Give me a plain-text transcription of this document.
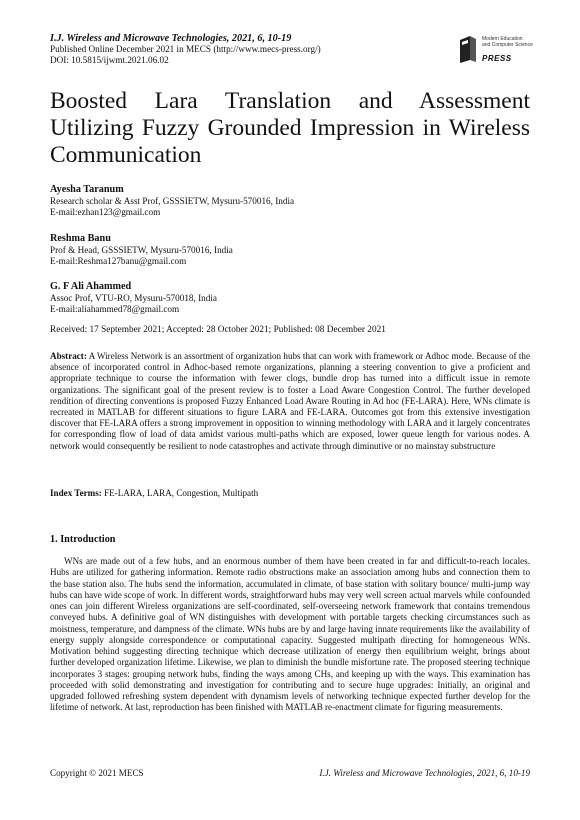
I.J. Wireless and Microwave Technologies, 2021, 6, 10-19
Published Online December 2021 in MECS (http://www.mecs-press.org/)
DOI: 10.5815/ijwmt.2021.06.02
Modern Education
and Computer Science
PRESS
Boosted Lara Translation and Assessment
Utilizing Fuzzy Grounded Impression in Wireless Communication
Ayesha Taranum
Research scholar & Asst Prof, GSSSIETW, Mysuru-570016, India
E-mail:ezhan123@gmail.com
Reshma Banu
Prof & Head, GSSSIETW, Mysuru-570016, India
E-mail:Reshma127banu@gmail.com
G. F Ali Ahammed
Assoc Prof, VTU-RO, Mysuru-570018, India
E-mail:aliahammed78@gmail.com
Received: 17 September 2021; Accepted: 28 October 2021; Published: 08 December 2021
Abstract: A Wireless Network is an assortment of organization hubs that can work with framework or Adhoc mode. Because of the absence of incorporated control in Adhoc-based remote organizations, planning a steering convention to give a proficient and appropriate technique to course the information with fewer clogs, bundle drop has turned into a difficult issue in remote organizations. The significant goal of the present review is to foster a Load Aware Congestion Control. The further developed rendition of directing conventions is proposed Fuzzy Enhanced Load Aware Routing in Ad hoc (FE-LARA). Here, WNs climate is recreated in MATLAB for different situations to figure LARA and FE-LARA. Outcomes got from this extensive investigation discover that FE-LARA offers a strong improvement in opposition to winning methodology with LARA and it largely concentrates for corresponding flow of load of data amidst various multi-paths which are exposed, lower queue length for various nodes. A network would consequently be resilient to node catastrophes and activate through diminutive or no mainstay substructure
Index Terms: FE-LARA, LARA, Congestion, Multipath
1. Introduction
WNs are made out of a few hubs, and an enormous number of them have been created in far and difficult-to-reach locales. Hubs are utilized for gathering information. Remote radio obstructions make an association among hubs and connection them to the base station also. The hubs send the information, accumulated in climate, of base station with solitary bounce/ multi-jump way hubs can have wide scope of work. In different words, straightforward hubs may very well screen actual marvels while confounded ones can join different Wireless organizations are self-coordinated, self-overseeing network framework that contains tremendous conveyed hubs. A definitive goal of WN distinguishes with development with portable targets checking circumstances such as moistness, temperature, and dampness of the climate. WNs hubs are by and large having innate requirements like the availability of energy supply alongside correspondence or computational capacity. Suggested multipath directing for homogeneous WNs. Motivation behind suggesting directing technique which decrease utilization of energy then equilibrium weight, brings about further developed organization lifetime. Likewise, we plan to diminish the bundle misfortune rate. The proposed steering technique incorporates 3 stages: grouping network hubs, finding the ways among CHs, and keeping up with the ways. This examination has proceeded with solid demonstrating and investigation for contributing and to secure huge upgrades: Initially, an original and upgraded followed refreshing system dependent with dynamism levels of networking technique expected further develop for the lifetime of network. At last, reproduction has been finished with MATLAB re-enactment climate for figuring measurements.
Copyright © 2021 MECS	I.J. Wireless and Microwave Technologies, 2021, 6, 10-19
